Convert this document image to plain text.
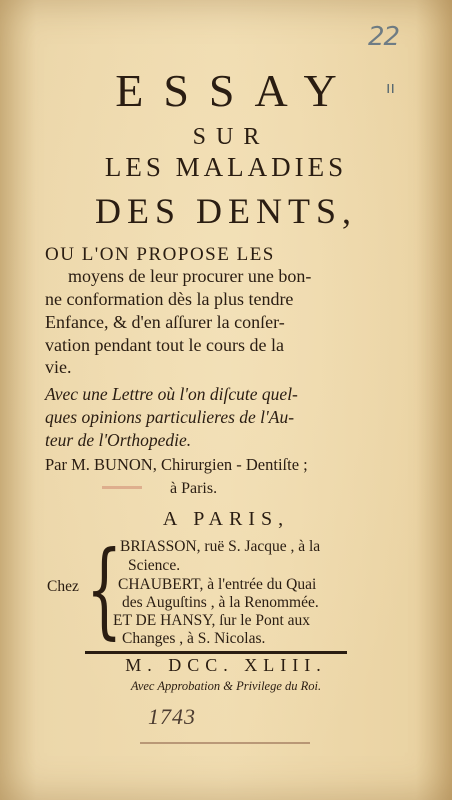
22
ıı
ESSAY
SUR
LES MALADIES
DES DENTS,
OU L'ON PROPOSE LES
moyens de leur procurer une bon-
ne conformation dès la plus tendre
Enfance, & d'en aſſurer la conſer-
vation pendant tout le cours de la
vie.
Avec une Lettre où l'on diſcute quel-
ques opinions particulieres de l'Au-
teur de l'Orthopedie.
Par M. BUNON, Chirurgien - Dentiſte ;
à Paris.
A PARIS,
Chez {
BRIASSON, ruë S. Jacque , à la
Science.
CHAUBERT, à l'entrée du Quai
des Auguſtins , à la Renommée.
ET DE HANSY, ſur le Pont aux
Changes , à S. Nicolas.
M. DCC. XLIII.
Avec Approbation & Privilege du Roi.
1743
